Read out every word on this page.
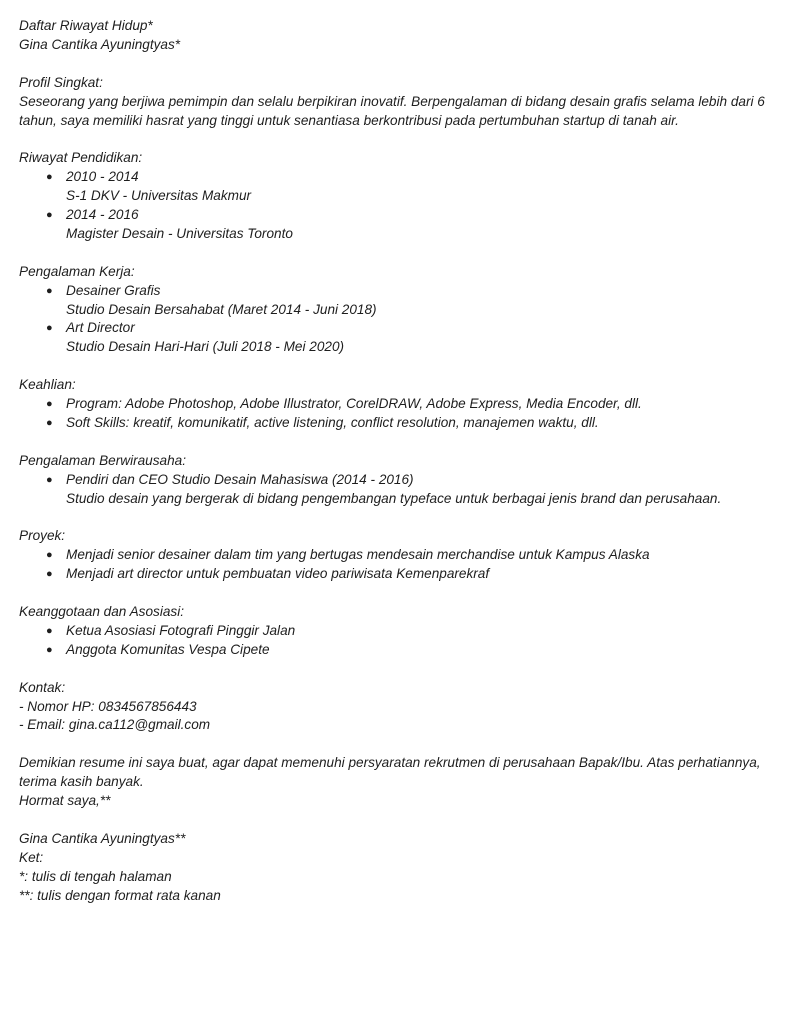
Daftar Riwayat Hidup*
Gina Cantika Ayuningtyas*
Profil Singkat:
Seseorang yang berjiwa pemimpin dan selalu berpikiran inovatif. Berpengalaman di bidang desain grafis selama lebih dari 6 tahun, saya memiliki hasrat yang tinggi untuk senantiasa berkontribusi pada pertumbuhan startup di tanah air.
Riwayat Pendidikan:
● 2010 - 2014
S-1 DKV - Universitas Makmur
● 2014 - 2016
Magister Desain - Universitas Toronto
Pengalaman Kerja:
● Desainer Grafis
Studio Desain Bersahabat (Maret 2014 - Juni 2018)
● Art Director
Studio Desain Hari-Hari (Juli 2018 - Mei 2020)
Keahlian:
● Program: Adobe Photoshop, Adobe Illustrator, CorelDRAW, Adobe Express, Media Encoder, dll.
● Soft Skills: kreatif, komunikatif, active listening, conflict resolution, manajemen waktu, dll.
Pengalaman Berwirausaha:
● Pendiri dan CEO Studio Desain Mahasiswa (2014 - 2016)
Studio desain yang bergerak di bidang pengembangan typeface untuk berbagai jenis brand dan perusahaan.
Proyek:
● Menjadi senior desainer dalam tim yang bertugas mendesain merchandise untuk Kampus Alaska
● Menjadi art director untuk pembuatan video pariwisata Kemenparekraf
Keanggotaan dan Asosiasi:
● Ketua Asosiasi Fotografi Pinggir Jalan
● Anggota Komunitas Vespa Cipete
Kontak:
- Nomor HP: 0834567856443
- Email: gina.ca112@gmail.com
Demikian resume ini saya buat, agar dapat memenuhi persyaratan rekrutmen di perusahaan Bapak/Ibu. Atas perhatiannya, terima kasih banyak.
Hormat saya,**
Gina Cantika Ayuningtyas**
Ket:
*: tulis di tengah halaman
**: tulis dengan format rata kanan
